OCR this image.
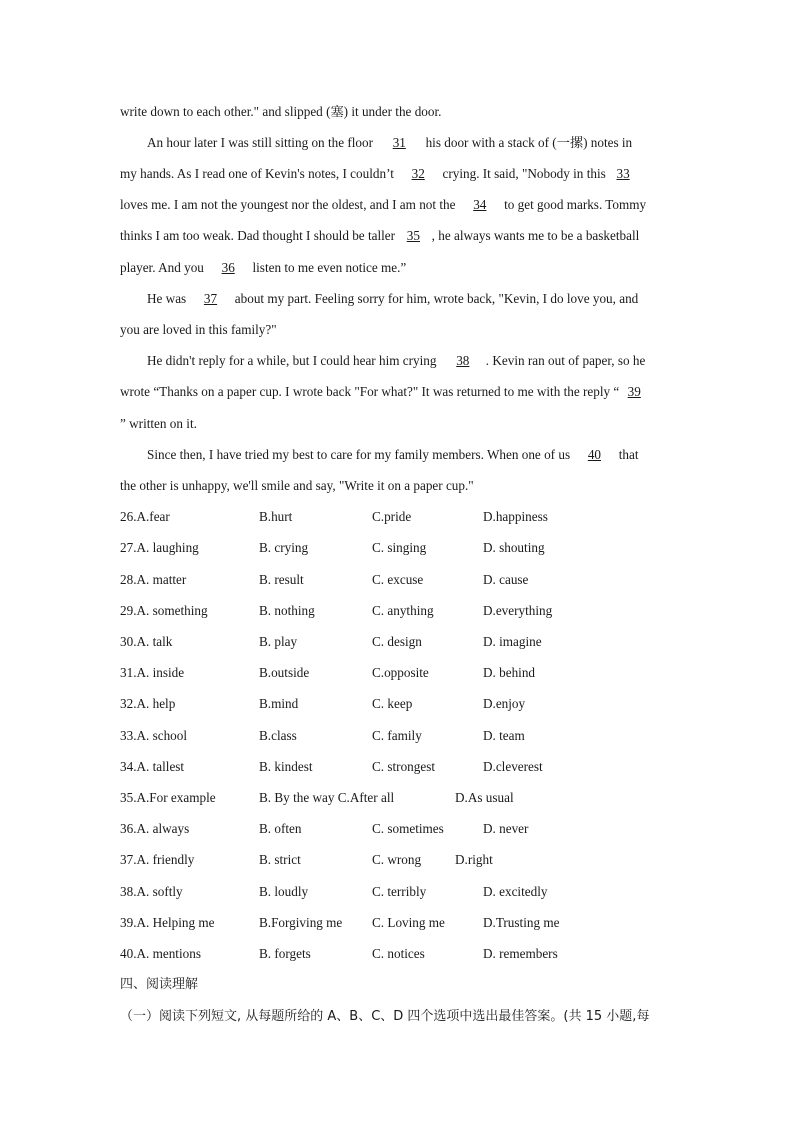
write down to each other." and slipped (塞) it under the door.
An hour later I was still sitting on the floor 31 his door with a stack of (一摞) notes in
my hands. As I read one of Kevin's notes, I couldn’t 32 crying. It said, "Nobody in this 33
loves me. I am not the youngest nor the oldest, and I am not the 34 to get good marks. Tommy
thinks I am too weak. Dad thought I should be taller 35 , he always wants me to be a basketball
player. And you 36 listen to me even notice me.”
He was 37 about my part. Feeling sorry for him, wrote back, "Kevin, I do love you, and
you are loved in this family?"
He didn't reply for a while, but I could hear him crying 38 . Kevin ran out of paper, so he
wrote “Thanks on a paper cup. I wrote back "For what?" It was returned to me with the reply “ 39
” written on it.
Since then, I have tried my best to care for my family members. When one of us 40 that
the other is unhappy, we'll smile and say, "Write it on a paper cup."
26.A.fear	B.hurt	C.pride	D.happiness
27.A. laughing	B. crying	C. singing	D. shouting
28.A. matter	B. result	C. excuse	D. cause
29.A. something	B. nothing	C. anything	D.everything
30.A. talk	B. play	C. design	D. imagine
31.A. inside	B.outside	C.opposite	D. behind
32.A. help	B.mind	C. keep	D.enjoy
33.A. school	B.class	C. family	D. team
34.A. tallest	B. kindest	C. strongest	D.cleverest
35.A.For example	B. By the way C.After all	D.As usual
36.A. always	B. often	C. sometimes	D. never
37.A. friendly	B. strict	C. wrong	D.right
38.A. softly	B. loudly	C. terribly	D. excitedly
39.A. Helping me	B.Forgiving me C. Loving me	D.Trusting me
40.A. mentions	B. forgets	C. notices	D. remembers
四、阅读理解
（一）阅读下列短文, 从每题所给的 A、B、C、D 四个选项中选出最佳答案。(共 15 小题,每
